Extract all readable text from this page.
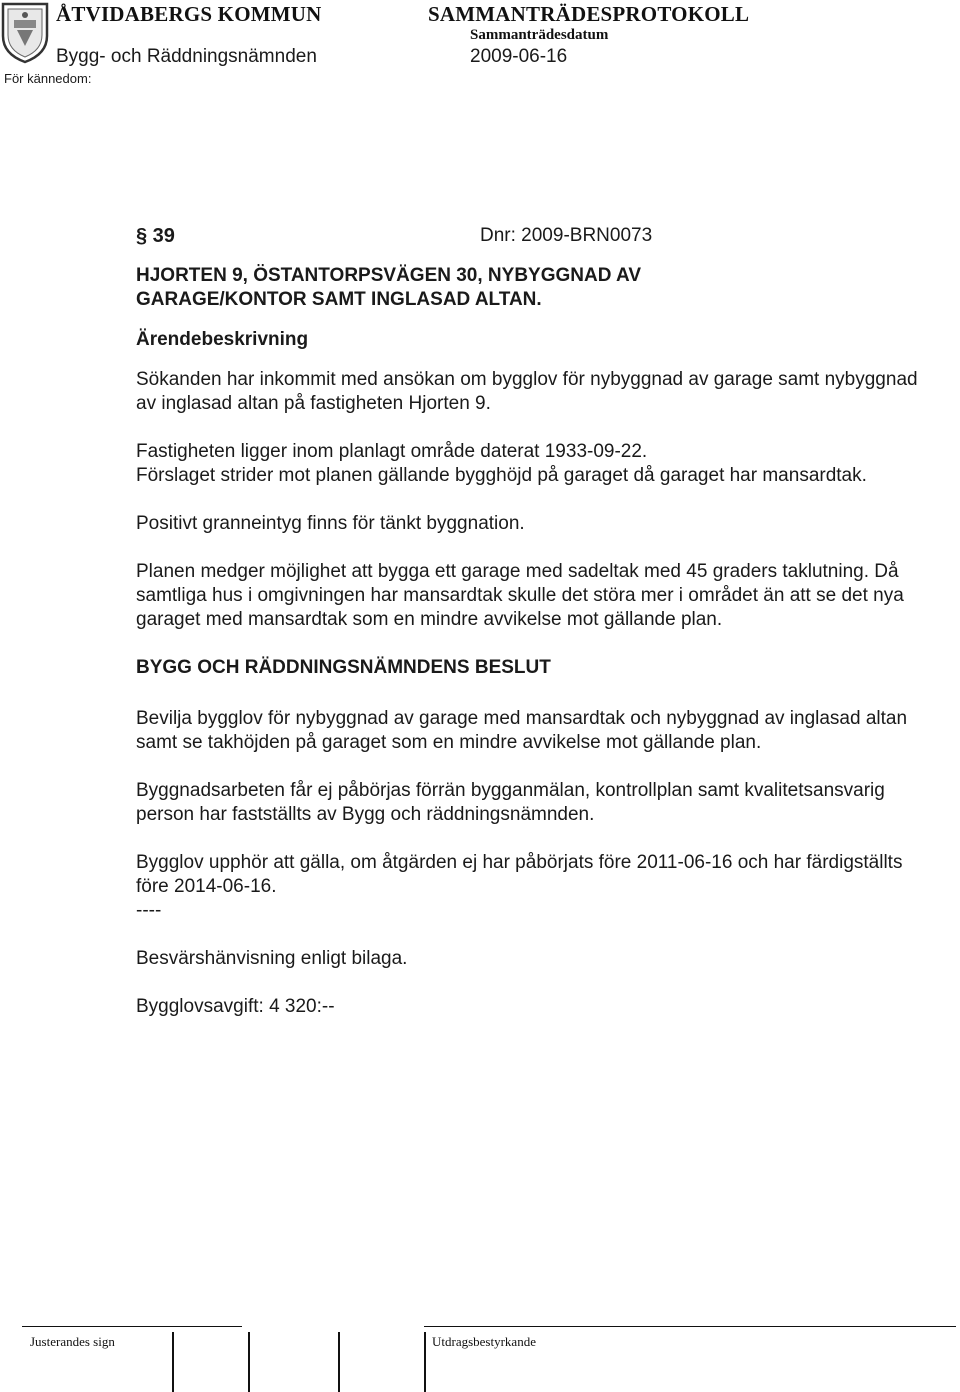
ÅTVIDABERGS KOMMUN	SAMMANTRÄDESPROTOKOLL
Sammanträdesdatum
Bygg- och Räddningsnämnden	2009-06-16
För kännedom:
§ 39	Dnr: 2009-BRN0073
HJORTEN 9, ÖSTANTORPSVÄGEN 30, NYBYGGNAD AV
GARAGE/KONTOR SAMT INGLASAD ALTAN.
Ärendebeskrivning

Sökanden har inkommit med ansökan om bygglov för nybyggnad av garage samt nybyggnad av inglasad altan på fastigheten Hjorten 9.

Fastigheten ligger inom planlagt område daterat 1933-09-22.

Förslaget strider mot planen gällande bygghöjd på garaget då garaget har mansardtak.

Positivt granneintyg finns för tänkt byggnation.

Planen medger möjlighet att bygga ett garage med sadeltak med 45 graders taklutning. Då samtliga hus i omgivningen har mansardtak skulle det störa mer i området än att se det nya garaget med mansardtak som en mindre avvikelse mot gällande plan.

BYGG OCH RÄDDNINGSNÄMNDENS BESLUT

Bevilja bygglov för nybyggnad av garage med mansardtak och nybyggnad av inglasad altan samt se takhöjden på garaget som en mindre avvikelse mot gällande plan.

Byggnadsarbeten får ej påbörjas förrän bygganmälan, kontrollplan samt kvalitetsansvarig person har fastställts av Bygg och räddningsnämnden.

Bygglov upphör att gälla, om åtgärden ej har påbörjats före 2011-06-16 och har färdigställts före 2014-06-16.

----

Besvärshänvisning enligt bilaga.

Bygglovsavgift: 4 320:--

Justerandes sign	Utdragsbestyrkande
